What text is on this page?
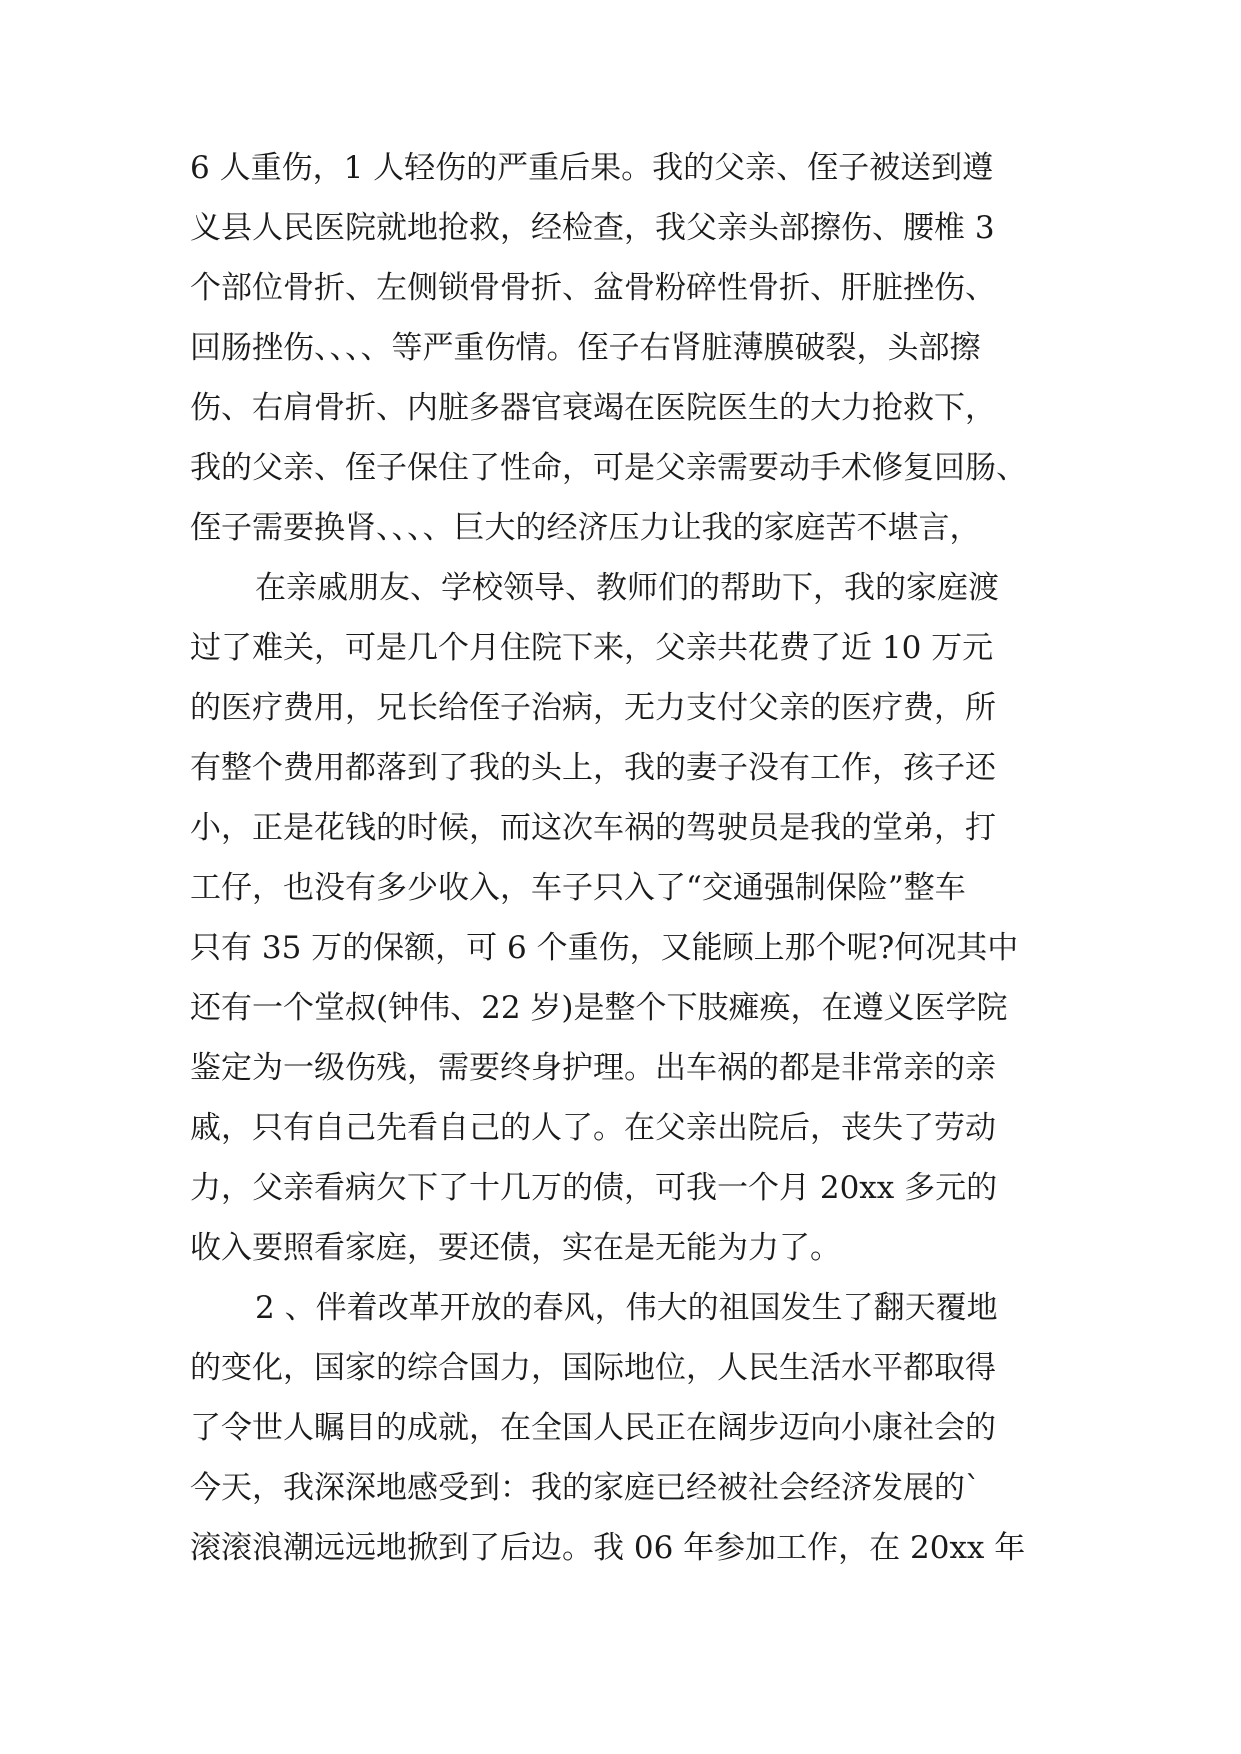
6 人重伤，1 人轻伤的严重后果。我的父亲、侄子被送到遵
义县人民医院就地抢救，经检查，我父亲头部擦伤、腰椎 3
个部位骨折、左侧锁骨骨折、盆骨粉碎性骨折、肝脏挫伤、
回肠挫伤、、、、等严重伤情。侄子右肾脏薄膜破裂，头部擦
伤、右肩骨折、内脏多器官衰竭在医院医生的大力抢救下，
我的父亲、侄子保住了性命，可是父亲需要动手术修复回肠、
侄子需要换肾、、、、巨大的经济压力让我的家庭苦不堪言，
在亲戚朋友、学校领导、教师们的帮助下，我的家庭渡
过了难关，可是几个月住院下来，父亲共花费了近 10 万元
的医疗费用，兄长给侄子治病，无力支付父亲的医疗费，所
有整个费用都落到了我的头上，我的妻子没有工作，孩子还
小，正是花钱的时候，而这次车祸的驾驶员是我的堂弟，打
工仔，也没有多少收入，车子只入了“交通强制保险”整车
只有 35 万的保额，可 6 个重伤，又能顾上那个呢?何况其中
还有一个堂叔(钟伟、22 岁)是整个下肢瘫痪，在遵义医学院
鉴定为一级伤残，需要终身护理。出车祸的都是非常亲的亲
戚，只有自己先看自己的人了。在父亲出院后，丧失了劳动
力，父亲看病欠下了十几万的债，可我一个月 20xx 多元的
收入要照看家庭，要还债，实在是无能为力了。
2 、伴着改革开放的春风，伟大的祖国发生了翻天覆地
的变化，国家的综合国力，国际地位，人民生活水平都取得
了令世人瞩目的成就，在全国人民正在阔步迈向小康社会的
今天，我深深地感受到：我的家庭已经被社会经济发展的`
滚滚浪潮远远地掀到了后边。我 06 年参加工作，在 20xx 年
